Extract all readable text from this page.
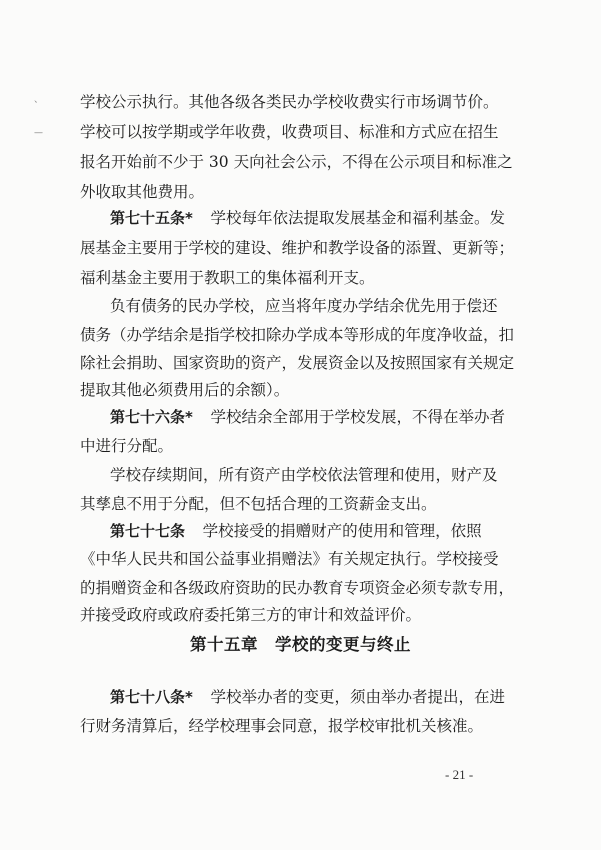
、
—
学校公示执行。其他各级各类民办学校收费实行市场调节价。
学校可以按学期或学年收费，收费项目、标准和方式应在招生
报名开始前不少于 30 天向社会公示，不得在公示项目和标准之
外收取其他费用。
第七十五条*   学校每年依法提取发展基金和福利基金。发
展基金主要用于学校的建设、维护和教学设备的添置、更新等；
福利基金主要用于教职工的集体福利开支。
负有债务的民办学校，应当将年度办学结余优先用于偿还
债务（办学结余是指学校扣除办学成本等形成的年度净收益，扣
除社会捐助、国家资助的资产，发展资金以及按照国家有关规定
提取其他必须费用后的余额）。
第七十六条*   学校结余全部用于学校发展，不得在举办者
中进行分配。
学校存续期间，所有资产由学校依法管理和使用，财产及
其孳息不用于分配，但不包括合理的工资薪金支出。
第七十七条   学校接受的捐赠财产的使用和管理，依照
《中华人民共和国公益事业捐赠法》有关规定执行。学校接受
的捐赠资金和各级政府资助的民办教育专项资金必须专款专用，
并接受政府或政府委托第三方的审计和效益评价。
第十五章　学校的变更与终止
第七十八条*   学校举办者的变更，须由举办者提出，在进
行财务清算后，经学校理事会同意，报学校审批机关核准。
- 21 -
